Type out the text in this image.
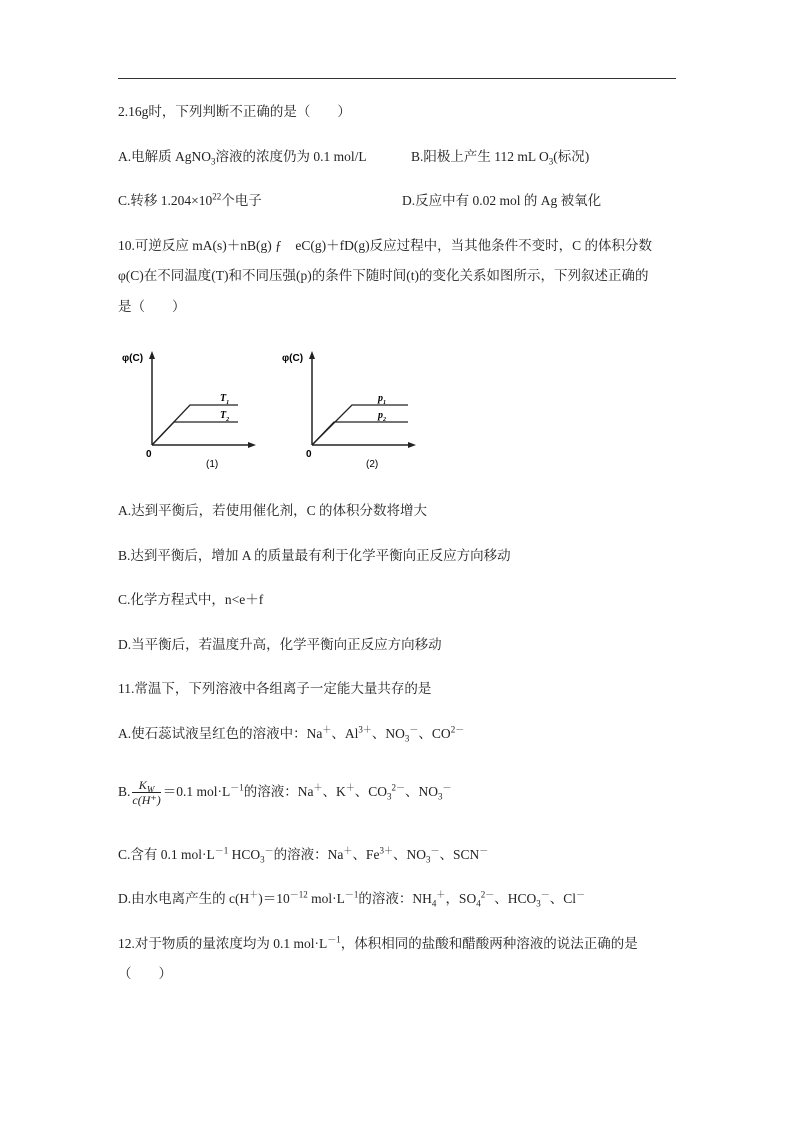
2.16g时，下列判断不正确的是（　　）
A.电解质 AgNO$_3$溶液的浓度仍为 0.1 mol/L	B.阳极上产生 112 mL $O_3$(标况)
C.转移 $1.204\times 10^{22}$个电子	D.反应中有 0.02 mol 的 Ag 被氧化
10.可逆反应 mA(s)＋nB(g) ƒ　eC(g)＋fD(g)反应过程中，当其他条件不变时，C 的体积分数
φ(C)在不同温度(T)和不同压强(p)的条件下随时间(t)的变化关系如图所示，下列叙述正确的
是（　　）
φ(C)
0
$T_1$
$T_2$
(1)
φ(C)
0
$p_1$
$p_2$
(2)
A.达到平衡后，若使用催化剂，C 的体积分数将增大
B.达到平衡后，增加 A 的质量最有利于化学平衡向正反应方向移动
C.化学方程式中，n<e＋f
D.当平衡后，若温度升高，化学平衡向正反应方向移动
11.常温下，下列溶液中各组离子一定能大量共存的是
A.使石蕊试液呈红色的溶液中：Na＋、$Al^{3+}$、$NO_3^-$、$CO^{2-}$
B. $\frac{K_W}{c(H^+)} =0.1$ $mol\cdot L^{-1}$的溶液：Na＋、K＋、$CO_3^{2-}$、$NO_3^-$
C.含有 0.1 $mol\cdot L^{-1}$ $HCO_3^-$的溶液：Na＋、$Fe^{3+}$、$NO_3^-$、SCN－
D.由水电离产生的 $c(H^+)=10^{-12}$ $mol\cdot L^{-1}$的溶液：$NH_4^+$，$SO_4^{2-}$、$HCO_3^-$、Cl－
12.对于物质的量浓度均为 0.1 $mol\cdot L^{-1}$，体积相同的盐酸和醋酸两种溶液的说法正确的是
（　　）
